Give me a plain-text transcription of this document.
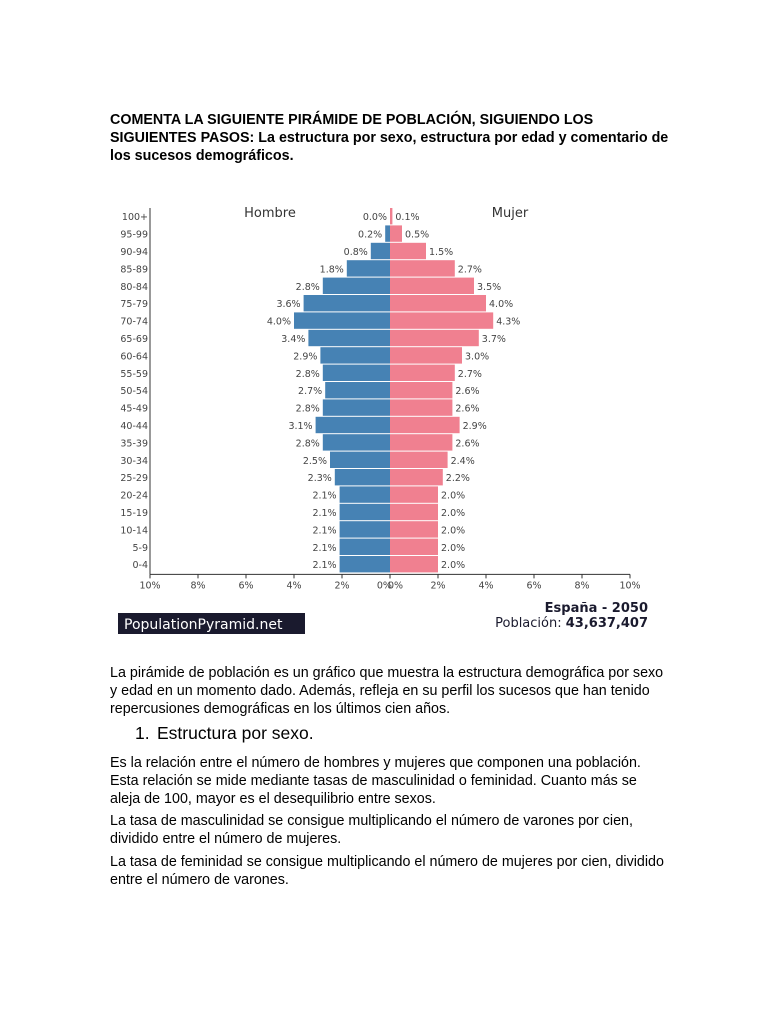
COMENTA LA SIGUIENTE PIRÁMIDE DE POBLACIÓN, SIGUIENDO LOS SIGUIENTES PASOS: La estructura por sexo, estructura por edad y comentario de los sucesos demográficos.
Hombre	Mujer
100+	0.0% 0.1%
95-99	0.2% 0.5%
90-94	0.8%	1.5%
85-89	1.8%	2.7%
80-84	2.8%	3.5%
75-79	3.6%	4.0%
70-74	4.0%	4.3%
65-69	3.4%	3.7%
60-64	2.9%	3.0%
55-59	2.8%	2.7%
50-54	2.7%	2.6%
45-49	2.8%	2.6%
40-44	3.1%	2.9%
35-39	2.8%	2.6%
30-34	2.5%	2.4%
25-29	2.3%	2.2%
20-24	2.1%	2.0%
15-19	2.1%	2.0%
10-14	2.1%	2.0%
5-9	2.1%	2.0%
0-4	2.1%	2.0%
10%	8%	6%	4%	2%	0%
0%	2%	4%	6%	8%	10%
PopulationPyramid.net
España - 2050
Población: 43,637,407

La pirámide de población es un gráfico que muestra la estructura demográfica por sexo y edad en un momento dado. Además, refleja en su perfil los sucesos que han tenido repercusiones demográficas en los últimos cien años.

1. Estructura por sexo.

Es la relación entre el número de hombres y mujeres que componen una población. Esta relación se mide mediante tasas de masculinidad o feminidad. Cuanto más se aleja de 100, mayor es el desequilibrio entre sexos.

La tasa de masculinidad se consigue multiplicando el número de varones por cien, dividido entre el número de mujeres.

La tasa de feminidad se consigue multiplicando el número de mujeres por cien, dividido entre el número de varones.
